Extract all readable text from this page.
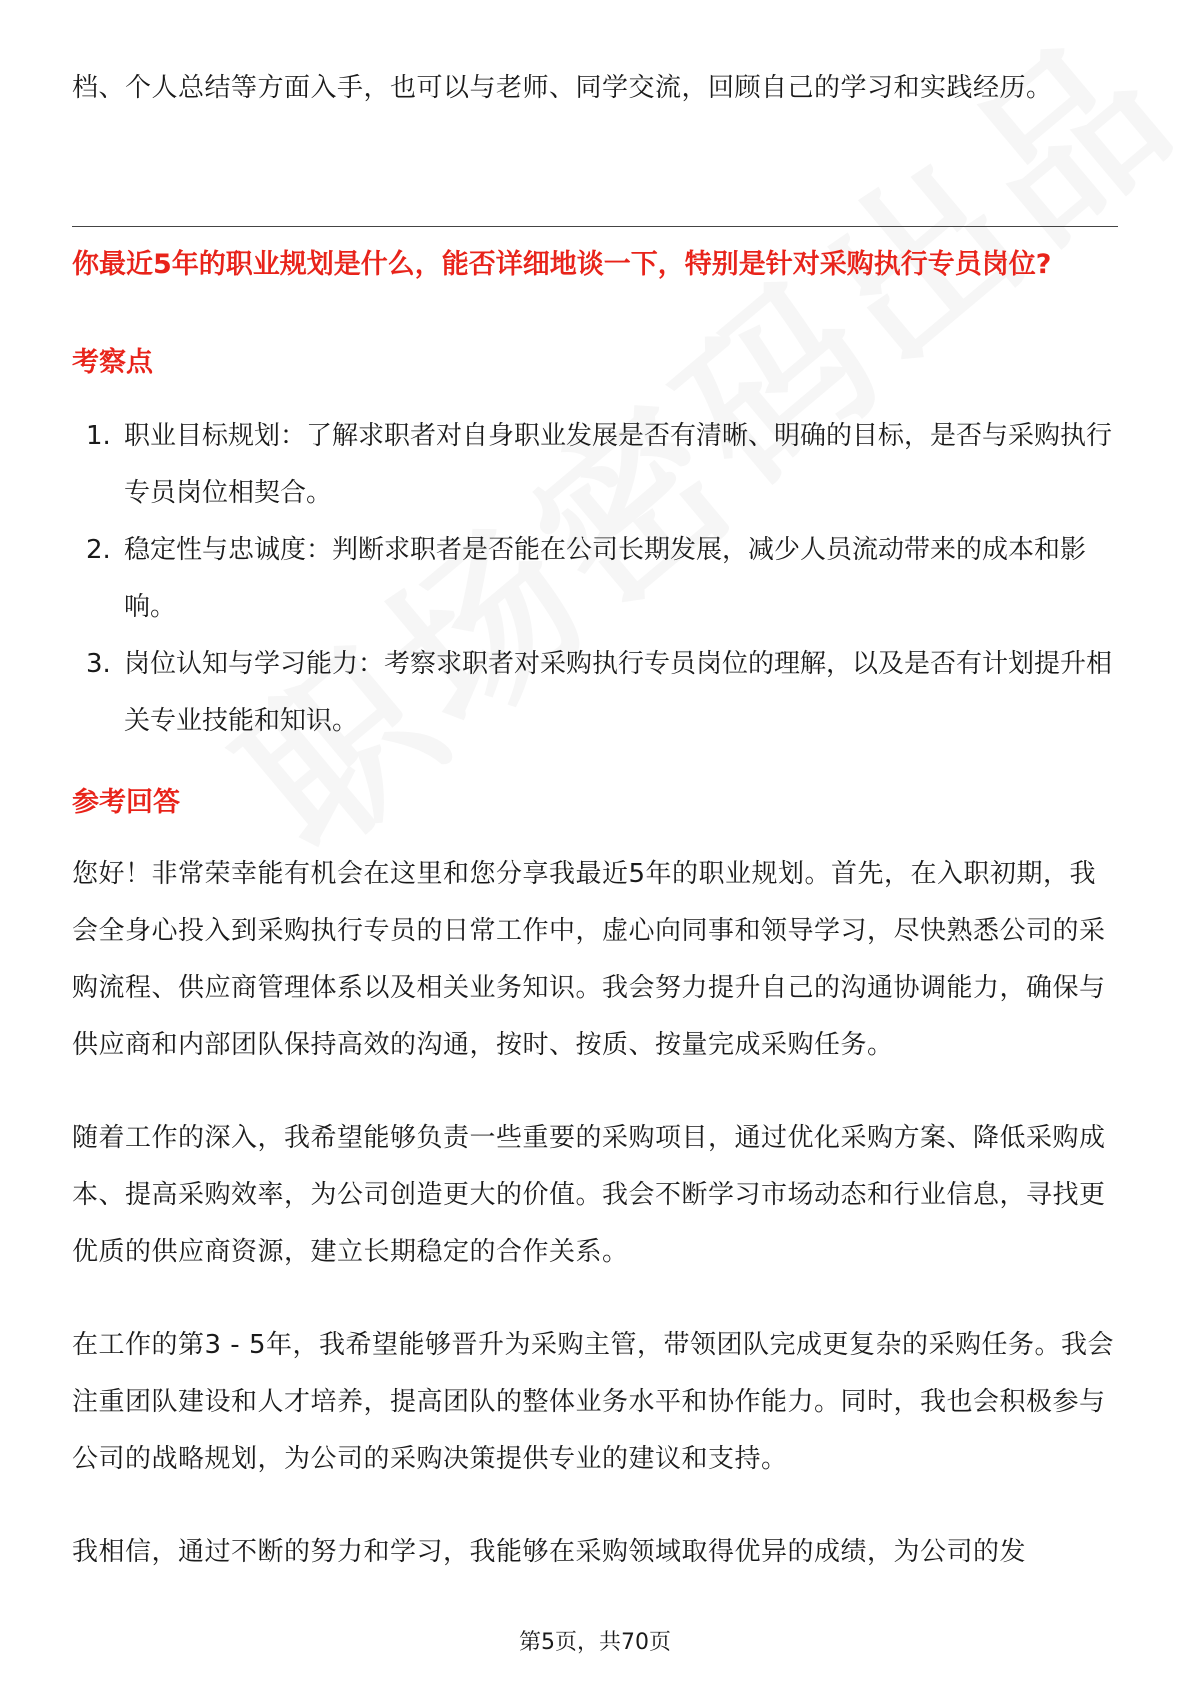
档、个人总结等方面入手，也可以与老师、同学交流，回顾自己的学习和实践经历。

你最近5年的职业规划是什么，能否详细地谈一下，特别是针对采购执行专员岗位?
考察点
1. 职业目标规划：了解求职者对自身职业发展是否有清晰、明确的目标，是否与采购执行专员岗位相契合。
2. 稳定性与忠诚度：判断求职者是否能在公司长期发展，减少人员流动带来的成本和影响。
3. 岗位认知与学习能力：考察求职者对采购执行专员岗位的理解，以及是否有计划提升相关专业技能和知识。
参考回答

您好！非常荣幸能有机会在这里和您分享我最近5年的职业规划。首先，在入职初期，我会全身心投入到采购执行专员的日常工作中，虚心向同事和领导学习，尽快熟悉公司的采购流程、供应商管理体系以及相关业务知识。我会努力提升自己的沟通协调能力，确保与供应商和内部团队保持高效的沟通，按时、按质、按量完成采购任务。

随着工作的深入，我希望能够负责一些重要的采购项目，通过优化采购方案、降低采购成本、提高采购效率，为公司创造更大的价值。我会不断学习市场动态和行业信息，寻找更优质的供应商资源，建立长期稳定的合作关系。

在工作的第3 - 5年，我希望能够晋升为采购主管，带领团队完成更复杂的采购任务。我会注重团队建设和人才培养，提高团队的整体业务水平和协作能力。同时，我也会积极参与公司的战略规划，为公司的采购决策提供专业的建议和支持。

我相信，通过不断的努力和学习，我能够在采购领域取得优异的成绩，为公司的发

第5页，共70页
